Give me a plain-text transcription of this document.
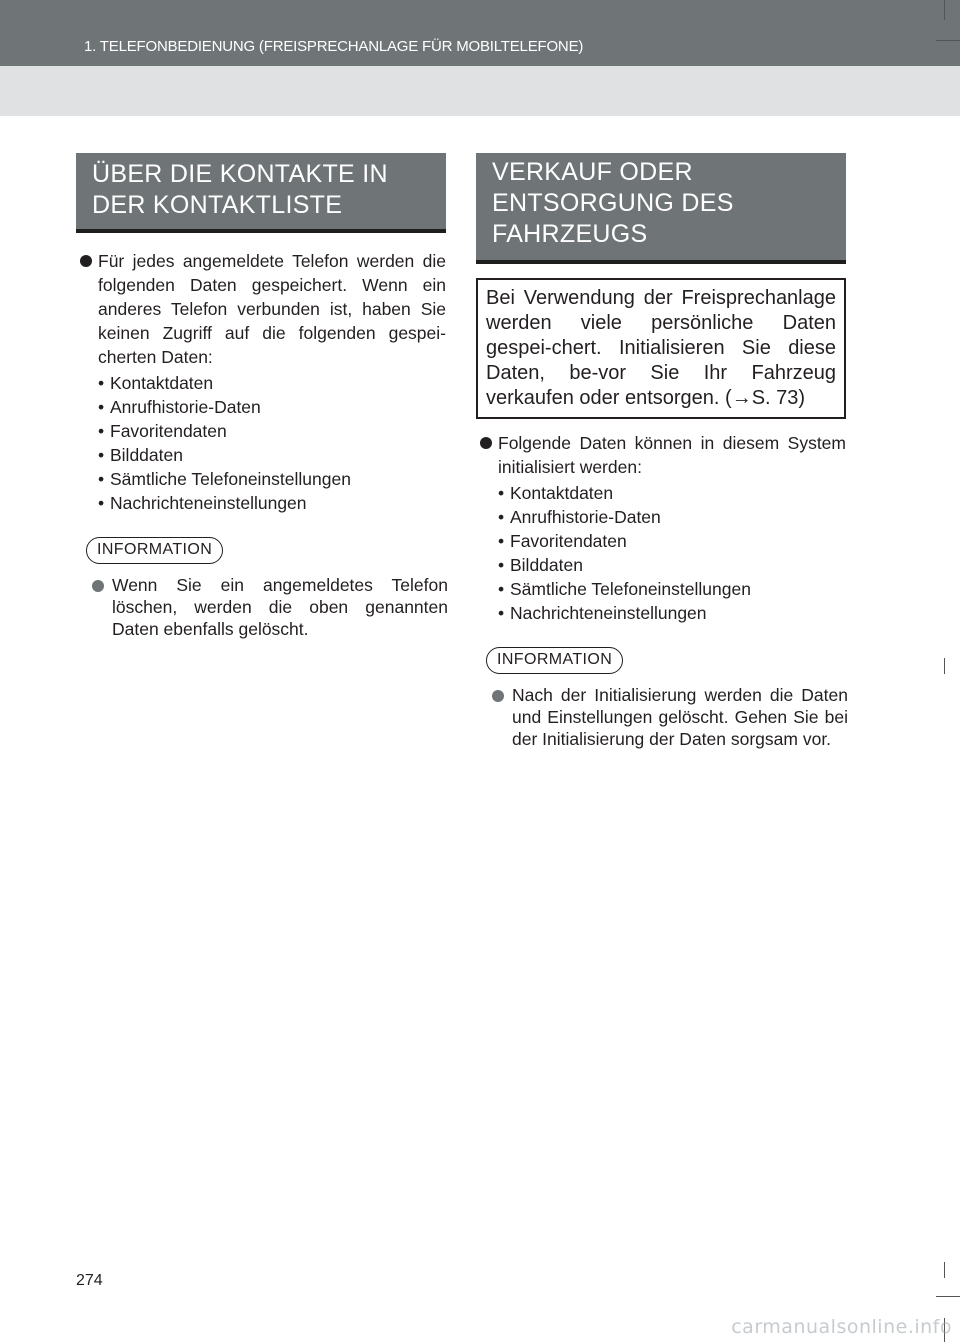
1. TELEFONBEDIENUNG (FREISPRECHANLAGE FÜR MOBILTELEFONE)
ÜBER DIE KONTAKTE IN DER KONTAKTLISTE

Für jedes angemeldete Telefon werden die folgenden Daten gespeichert. Wenn ein anderes Telefon verbunden ist, haben Sie keinen Zugriff auf die folgenden gespei-cherten Daten:

• Kontaktdaten
• Anrufhistorie-Daten
• Favoritendaten
• Bilddaten
• Sämtliche Telefoneinstellungen
• Nachrichteneinstellungen
INFORMATION

Wenn Sie ein angemeldetes Telefon löschen, werden die oben genannten Daten ebenfalls gelöscht.

VERKAUF ODER ENTSORGUNG DES FAHRZEUGS
Bei Verwendung der Freisprechanlage werden viele persönliche Daten gespei-chert. Initialisieren Sie diese Daten, be-vor Sie Ihr Fahrzeug verkaufen oder entsorgen. (→S. 73)

Folgende Daten können in diesem System initialisiert werden:

• Kontaktdaten
• Anrufhistorie-Daten
• Favoritendaten
• Bilddaten
• Sämtliche Telefoneinstellungen
• Nachrichteneinstellungen
INFORMATION

Nach der Initialisierung werden die Daten und Einstellungen gelöscht. Gehen Sie bei der Initialisierung der Daten sorgsam vor.

274
carmanualsonline.info
